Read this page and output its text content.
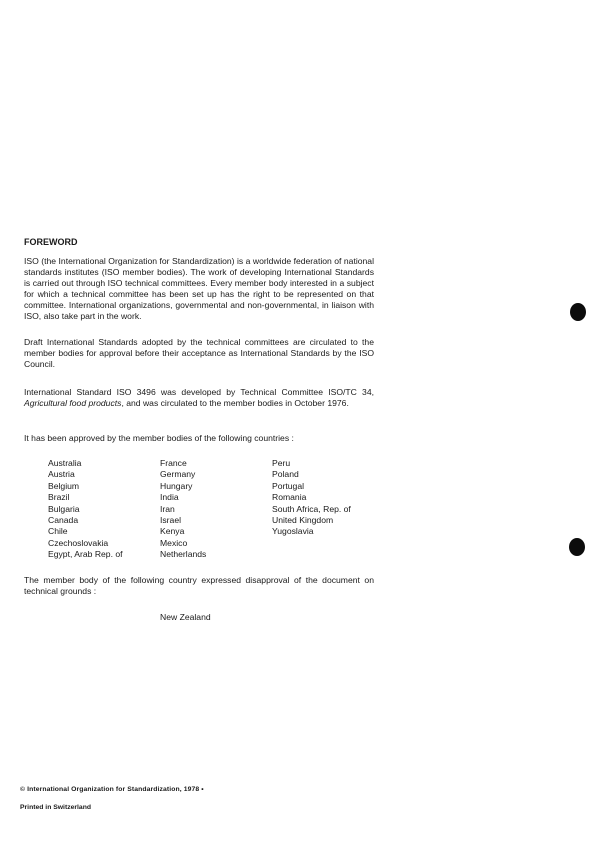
FOREWORD

ISO (the International Organization for Standardization) is a worldwide federation of national standards institutes (ISO member bodies). The work of developing International Standards is carried out through ISO technical committees. Every member body interested in a subject for which a technical committee has been set up has the right to be represented on that committee. International organizations, governmental and non-governmental, in liaison with ISO, also take part in the work.

Draft International Standards adopted by the technical committees are circulated to the member bodies for approval before their acceptance as International Standards by the ISO Council.

International Standard ISO 3496 was developed by Technical Committee ISO/TC 34, Agricultural food products, and was circulated to the member bodies in October 1976.

It has been approved by the member bodies of the following countries :

Australia
Austria
Belgium
Brazil
Bulgaria
Canada
Chile
Czechoslovakia
Egypt, Arab Rep. of
France
Germany
Hungary
India
Iran
Israel
Kenya
Mexico
Netherlands
Peru
Poland
Portugal
Romania
South Africa, Rep. of
United Kingdom
Yugoslavia

The member body of the following country expressed disapproval of the document on technical grounds :

New Zealand
© International Organization for Standardization, 1978 •
Printed in Switzerland
